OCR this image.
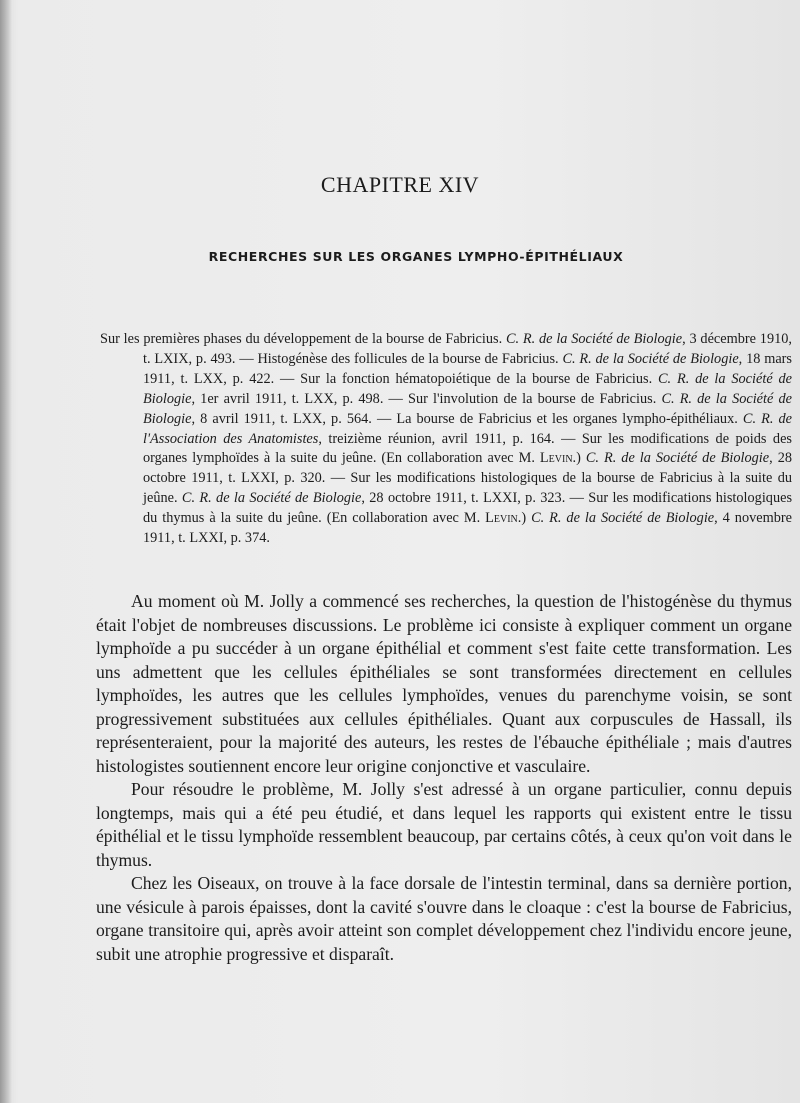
CHAPITRE XIV
RECHERCHES SUR LES ORGANES LYMPHO-ÉPITHÉLIAUX

Sur les premières phases du développement de la bourse de Fabricius. C. R. de la Société de Biologie, 3 décembre 1910, t. LXIX, p. 493. — Histogénèse des follicules de la bourse de Fabricius. C. R. de la Société de Biologie, 18 mars 1911, t. LXX, p. 422. — Sur la fonction hématopoiétique de la bourse de Fabricius. C. R. de la Société de Biologie, 1er avril 1911, t. LXX, p. 498. — Sur l'involution de la bourse de Fabricius. C. R. de la Société de Biologie, 8 avril 1911, t. LXX, p. 564. — La bourse de Fabricius et les organes lympho-épithéliaux. C. R. de l'Association des Anatomistes, treizième réunion, avril 1911, p. 164. — Sur les modifications de poids des organes lymphoïdes à la suite du jeûne. (En collaboration avec M. Levin.) C. R. de la Société de Biologie, 28 octobre 1911, t. LXXI, p. 320. — Sur les modifications histologiques de la bourse de Fabricius à la suite du jeûne. C. R. de la Société de Biologie, 28 octobre 1911, t. LXXI, p. 323. — Sur les modifications histologiques du thymus à la suite du jeûne. (En collaboration avec M. Levin.) C. R. de la Société de Biologie, 4 novembre 1911, t. LXXI, p. 374.

Au moment où M. Jolly a commencé ses recherches, la question de l'histogénèse du thymus était l'objet de nombreuses discussions. Le problème ici consiste à expliquer comment un organe lymphoïde a pu succéder à un organe épithélial et comment s'est faite cette transformation. Les uns admettent que les cellules épithéliales se sont transformées directement en cellules lymphoïdes, les autres que les cellules lymphoïdes, venues du parenchyme voisin, se sont progressivement substituées aux cellules épithéliales. Quant aux corpuscules de Hassall, ils représenteraient, pour la majorité des auteurs, les restes de l'ébauche épithéliale ; mais d'autres histologistes soutiennent encore leur origine conjonctive et vasculaire.

Pour résoudre le problème, M. Jolly s'est adressé à un organe particulier, connu depuis longtemps, mais qui a été peu étudié, et dans lequel les rapports qui existent entre le tissu épithélial et le tissu lymphoïde ressemblent beaucoup, par certains côtés, à ceux qu'on voit dans le thymus.

Chez les Oiseaux, on trouve à la face dorsale de l'intestin terminal, dans sa dernière portion, une vésicule à parois épaisses, dont la cavité s'ouvre dans le cloaque : c'est la bourse de Fabricius, organe transitoire qui, après avoir atteint son complet développement chez l'individu encore jeune, subit une atrophie progressive et disparaît.
